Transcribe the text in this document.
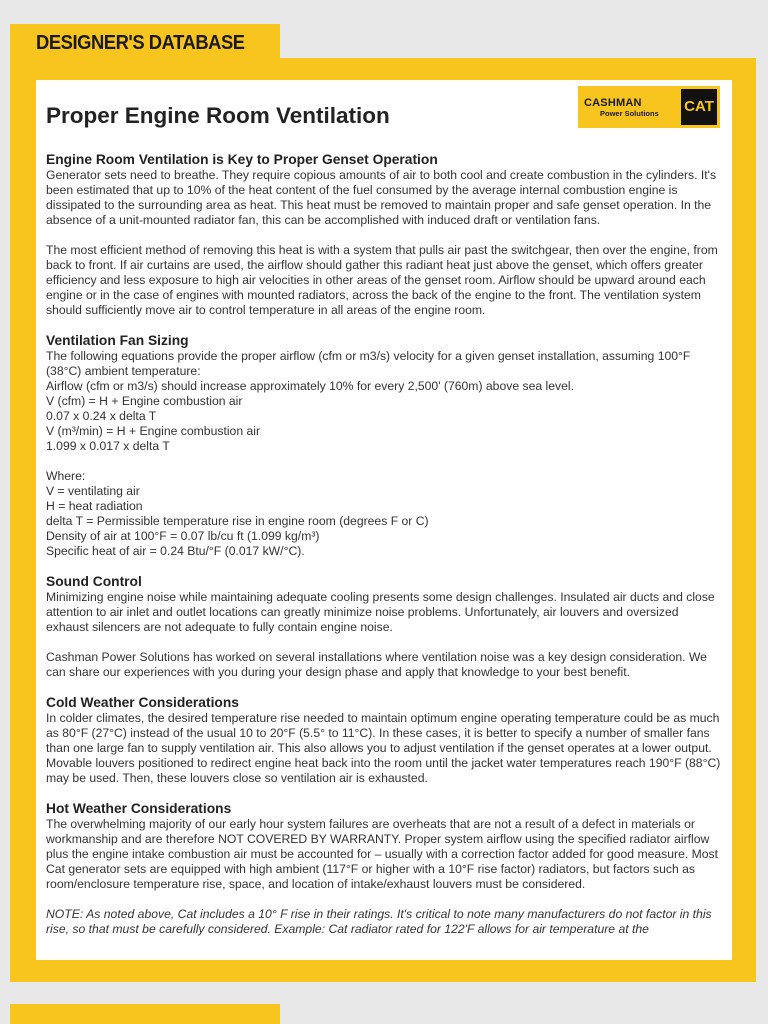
DESIGNER'S DATABASE
CASHMAN
Power Solutions CAT
Proper Engine Room Ventilation
Engine Room Ventilation is Key to Proper Genset Operation

Generator sets need to breathe. They require copious amounts of air to both cool and create combustion in the cylinders. It's been estimated that up to 10% of the heat content of the fuel consumed by the average internal combustion engine is dissipated to the surrounding area as heat. This heat must be removed to maintain proper and safe genset operation. In the absence of a unit-mounted radiator fan, this can be accomplished with induced draft or ventilation fans.

The most efficient method of removing this heat is with a system that pulls air past the switchgear, then over the engine, from back to front. If air curtains are used, the airflow should gather this radiant heat just above the genset, which offers greater efficiency and less exposure to high air velocities in other areas of the genset room. Airflow should be upward around each engine or in the case of engines with mounted radiators, across the back of the engine to the front. The ventilation system should sufficiently move air to control temperature in all areas of the engine room.

Ventilation Fan Sizing

The following equations provide the proper airflow (cfm or m3/s) velocity for a given genset installation, assuming 100°F (38°C) ambient temperature:

Airflow (cfm or m3/s) should increase approximately 10% for every 2,500' (760m) above sea level.

V (cfm) = H + Engine combustion air

0.07 x 0.24 x delta T

V (m³/min) = H + Engine combustion air

1.099 x 0.017 x delta T

Where:

V = ventilating air

H = heat radiation

delta T = Permissible temperature rise in engine room (degrees F or C)

Density of air at 100°F = 0.07 lb/cu ft (1.099 kg/m³)

Specific heat of air = 0.24 Btu/°F (0.017 kW/°C).

Sound Control

Minimizing engine noise while maintaining adequate cooling presents some design challenges. Insulated air ducts and close attention to air inlet and outlet locations can greatly minimize noise problems. Unfortunately, air louvers and oversized exhaust silencers are not adequate to fully contain engine noise.

Cashman Power Solutions has worked on several installations where ventilation noise was a key design consideration. We can share our experiences with you during your design phase and apply that knowledge to your best benefit.

Cold Weather Considerations

In colder climates, the desired temperature rise needed to maintain optimum engine operating temperature could be as much as 80°F (27°C) instead of the usual 10 to 20°F (5.5° to 11°C). In these cases, it is better to specify a number of smaller fans than one large fan to supply ventilation air. This also allows you to adjust ventilation if the genset operates at a lower output. Movable louvers positioned to redirect engine heat back into the room until the jacket water temperatures reach 190°F (88°C) may be used. Then, these louvers close so ventilation air is exhausted.

Hot Weather Considerations

The overwhelming majority of our early hour system failures are overheats that are not a result of a defect in materials or workmanship and are therefore NOT COVERED BY WARRANTY. Proper system airflow using the specified radiator airflow plus the engine intake combustion air must be accounted for – usually with a correction factor added for good measure. Most Cat generator sets are equipped with high ambient (117°F or higher with a 10°F rise factor) radiators, but factors such as room/enclosure temperature rise, space, and location of intake/exhaust louvers must be considered.

NOTE: As noted above, Cat includes a 10° F rise in their ratings. It's critical to note many manufacturers do not factor in this rise, so that must be carefully considered. Example: Cat radiator rated for 122'F allows for air temperature at the
